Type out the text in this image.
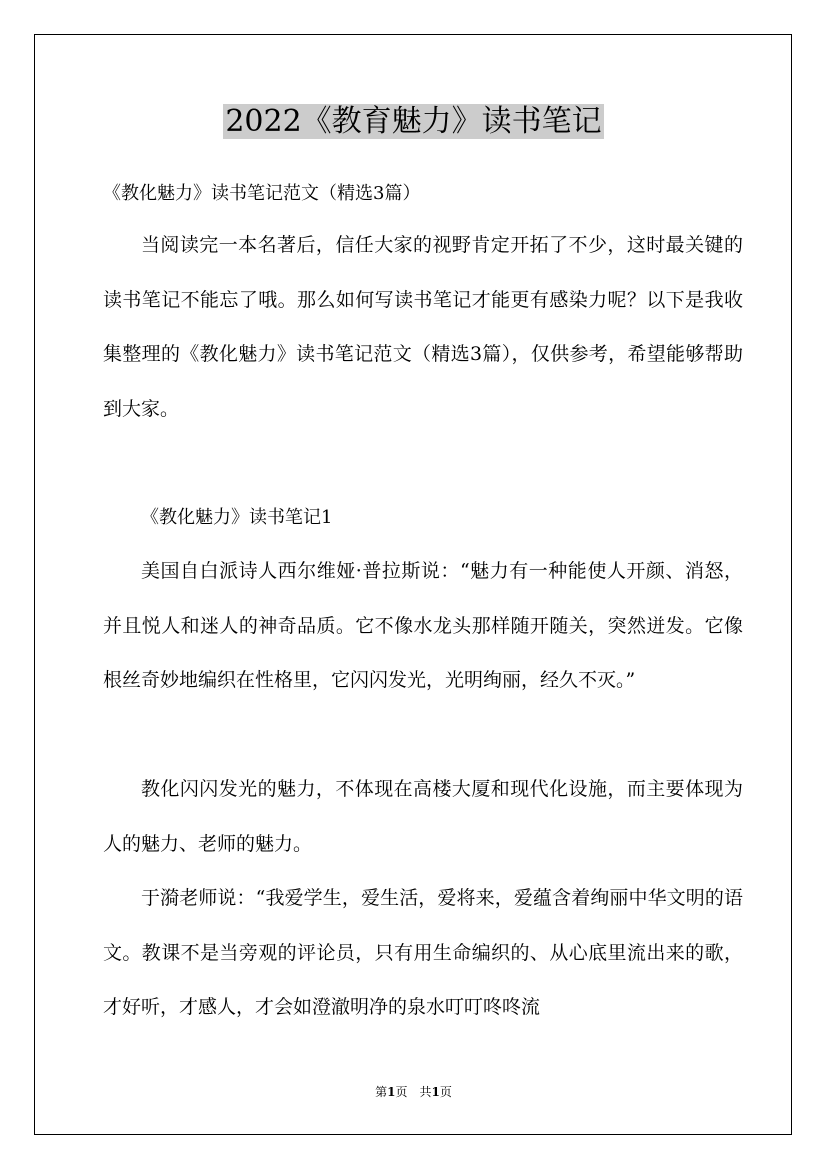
2022《教育魅力》读书笔记
《教化魅力》读书笔记范文（精选3篇）

当阅读完一本名著后，信任大家的视野肯定开拓了不少，这时最关键的读书笔记不能忘了哦。那么如何写读书笔记才能更有感染力呢？以下是我收集整理的《教化魅力》读书笔记范文（精选3篇），仅供参考，希望能够帮助到大家。

《教化魅力》读书笔记1

美国自白派诗人西尔维娅·普拉斯说：“魅力有一种能使人开颜、消怒，并且悦人和迷人的神奇品质。它不像水龙头那样随开随关，突然迸发。它像根丝奇妙地编织在性格里，它闪闪发光，光明绚丽，经久不灭。”

教化闪闪发光的魅力，不体现在高楼大厦和现代化设施，而主要体现为人的魅力、老师的魅力。

于漪老师说：“我爱学生，爱生活，爱将来，爱蕴含着绚丽中华文明的语文。教课不是当旁观的评论员，只有用生命编织的、从心底里流出来的歌，才好听，才感人，才会如澄澈明净的泉水叮叮咚咚流

第1页　共1页
